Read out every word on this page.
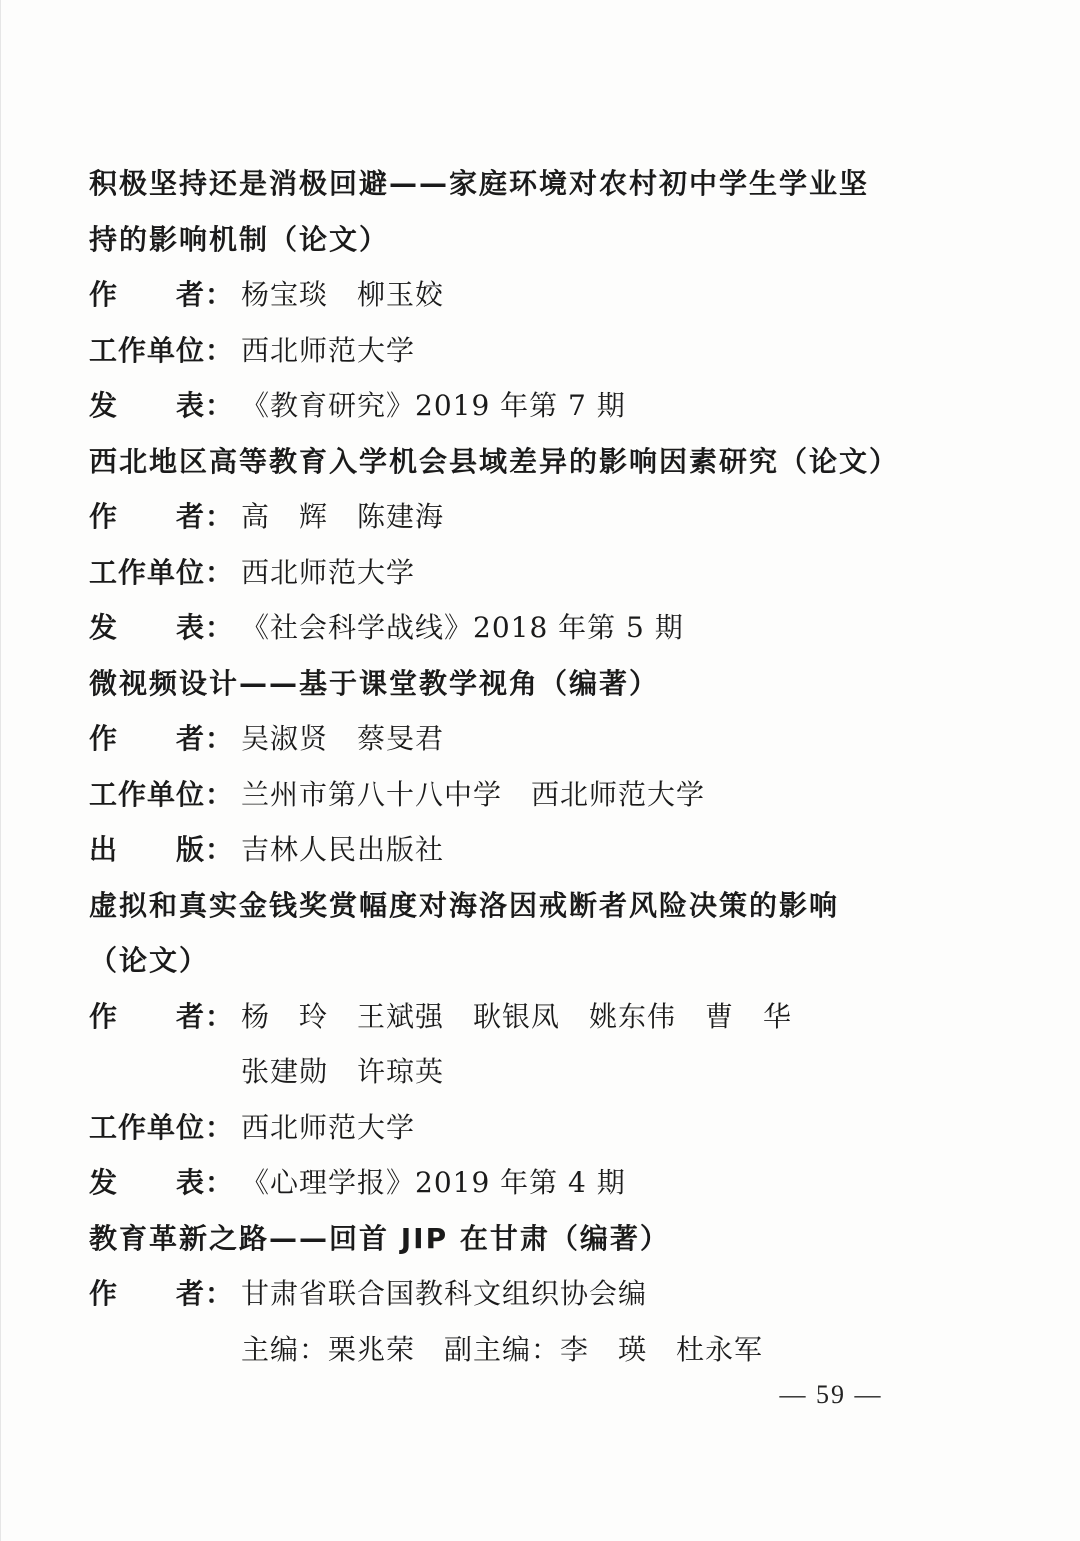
积极坚持还是消极回避——家庭环境对农村初中学生学业坚
持的影响机制（论文）
作　　者： 杨宝琰　柳玉姣
工作单位： 西北师范大学
发　　表： 《教育研究》2019 年第 7 期
西北地区高等教育入学机会县域差异的影响因素研究（论文）
作　　者： 高　辉　陈建海
工作单位： 西北师范大学
发　　表： 《社会科学战线》2018 年第 5 期
微视频设计——基于课堂教学视角（编著）
作　　者： 吴淑贤　蔡旻君
工作单位： 兰州市第八十八中学　西北师范大学
出　　版： 吉林人民出版社
虚拟和真实金钱奖赏幅度对海洛因戒断者风险决策的影响
（论文）
作　　者： 杨　玲　王斌强　耿银凤　姚东伟　曹　华
张建勋　许琼英
工作单位： 西北师范大学
发　　表： 《心理学报》2019 年第 4 期
教育革新之路——回首 JIP 在甘肃（编著）
作　　者： 甘肃省联合国教科文组织协会编
主编：栗兆荣　副主编：李　瑛　杜永军
— 59 —
